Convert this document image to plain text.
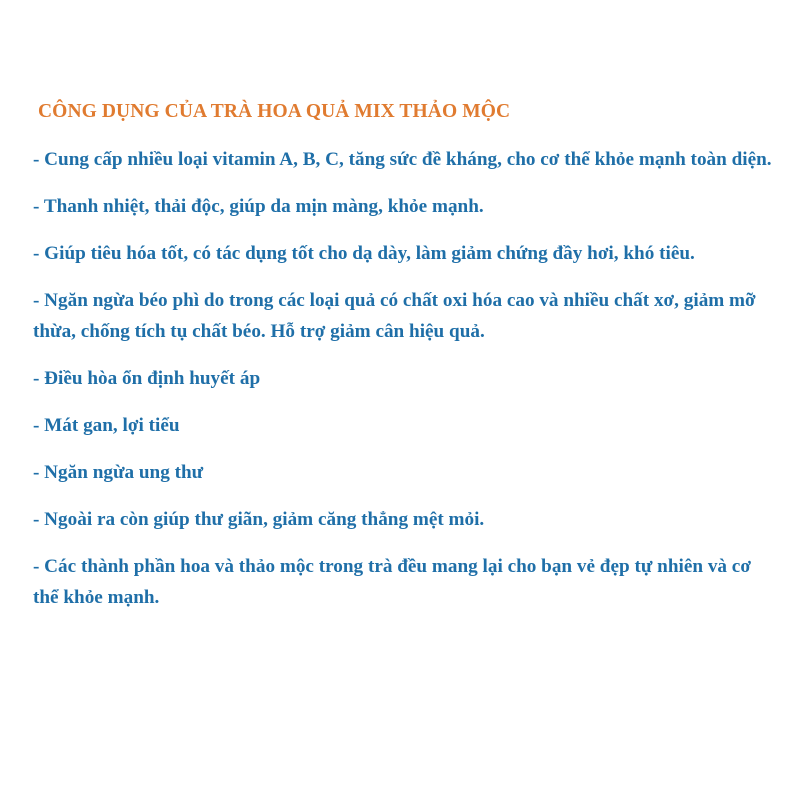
CÔNG DỤNG CỦA TRÀ HOA QUẢ MIX THẢO MỘC
- Cung cấp nhiều loại vitamin A, B, C, tăng sức đề kháng, cho cơ thể khỏe mạnh toàn diện.
- Thanh nhiệt, thải độc, giúp da mịn màng, khỏe mạnh.
- Giúp tiêu hóa tốt, có tác dụng tốt cho dạ dày, làm giảm chứng đầy hơi, khó tiêu.
- Ngăn ngừa béo phì do trong các loại quả có chất oxi hóa cao và nhiều chất xơ, giảm mỡ thừa, chống tích tụ chất béo. Hỗ trợ giảm cân hiệu quả.
- Điều hòa ổn định huyết áp
- Mát gan, lợi tiểu
- Ngăn ngừa ung thư
- Ngoài ra còn giúp thư giãn, giảm căng thẳng mệt mỏi.
- Các thành phần hoa và thảo mộc trong trà đều mang lại cho bạn vẻ đẹp tự nhiên và cơ thể khỏe mạnh.
